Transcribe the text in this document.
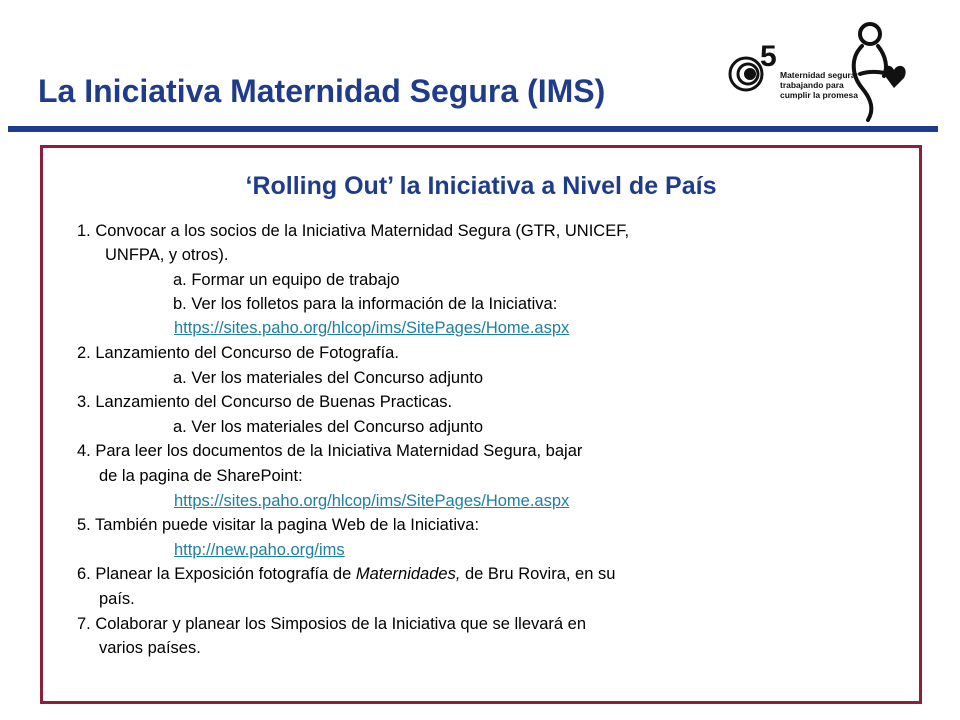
La Iniciativa Maternidad Segura (IMS)
5
Maternidad segura:
trabajando para
cumplir la promesa
‘Rolling Out’ la Iniciativa a Nivel de País
1. Convocar a los socios de la Iniciativa Maternidad Segura (GTR, UNICEF,
UNFPA, y otros).
a. Formar un equipo de trabajo
b. Ver los folletos para la información de la Iniciativa:
https://sites.paho.org/hlcop/ims/SitePages/Home.aspx
2. Lanzamiento del Concurso de Fotografía.
a. Ver los materiales del Concurso adjunto
3. Lanzamiento del Concurso de Buenas Practicas.
a. Ver los materiales del Concurso adjunto
4. Para leer los documentos de la Iniciativa Maternidad Segura, bajar
de la pagina de SharePoint:
https://sites.paho.org/hlcop/ims/SitePages/Home.aspx
5. También puede visitar la pagina Web de la Iniciativa:
http://new.paho.org/ims
6. Planear la Exposición fotografía de Maternidades, de Bru Rovira, en su
país.
7. Colaborar y planear los Simposios de la Iniciativa que se llevará en
varios países.
